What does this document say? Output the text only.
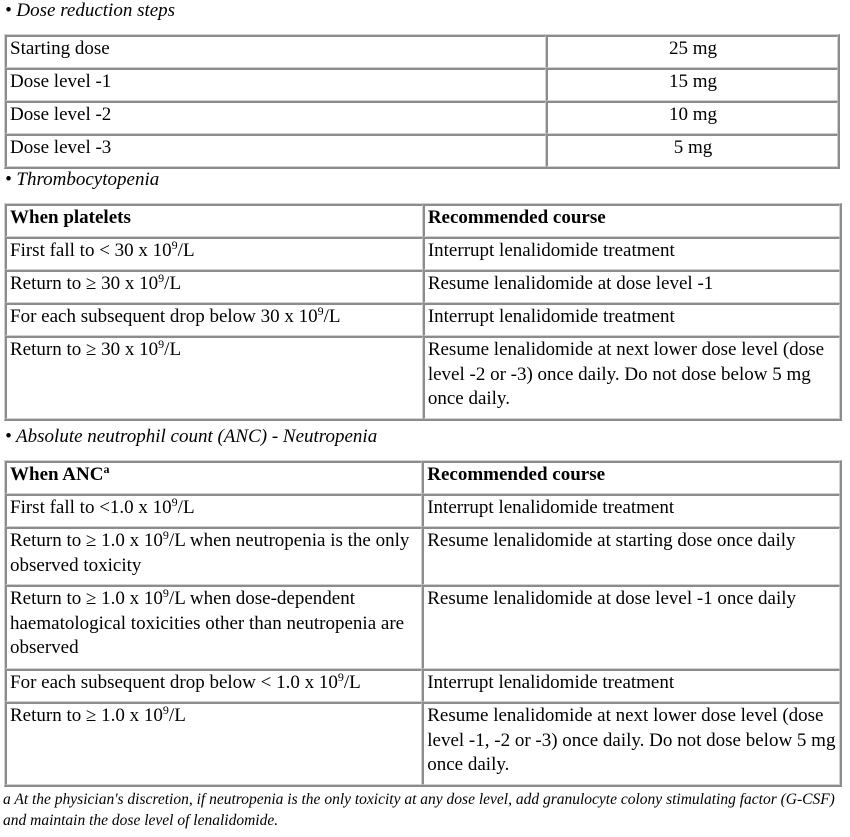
• Dose reduction steps
Starting dose	25 mg
Dose level -1	15 mg
Dose level -2	10 mg
Dose level -3	5 mg
• Thrombocytopenia
When platelets	Recommended course
First fall to < 30 x $10^9/L$	Interrupt lenalidomide treatment
Return to ≥ 30 x $10^9/L$	Resume lenalidomide at dose level -1
For each subsequent drop below 30 x $10^9/L$	Interrupt lenalidomide treatment
Return to ≥ 30 x $10^9/L$	Resume lenalidomide at next lower dose level (dose level -2 or -3) once daily. Do not dose below 5 mg once daily.
• Absolute neutrophil count (ANC) - Neutropenia
When ANC$^a$	Recommended course
First fall to <1.0 x $10^9/L$	Interrupt lenalidomide treatment
Return to ≥ 1.0 x $10^9/L$ when neutropenia is the only observed toxicity	Resume lenalidomide at starting dose once daily
Return to ≥ 1.0 x $10^9/L$ when dose-dependent haematological toxicities other than neutropenia are observed	Resume lenalidomide at dose level -1 once daily
For each subsequent drop below < 1.0 x $10^9/L$	Interrupt lenalidomide treatment
Return to ≥ 1.0 x $10^9/L$	Resume lenalidomide at next lower dose level (dose level -1, -2 or -3) once daily. Do not dose below 5 mg once daily.
a At the physician's discretion, if neutropenia is the only toxicity at any dose level, add granulocyte colony stimulating factor (G-CSF) and maintain the dose level of lenalidomide.
